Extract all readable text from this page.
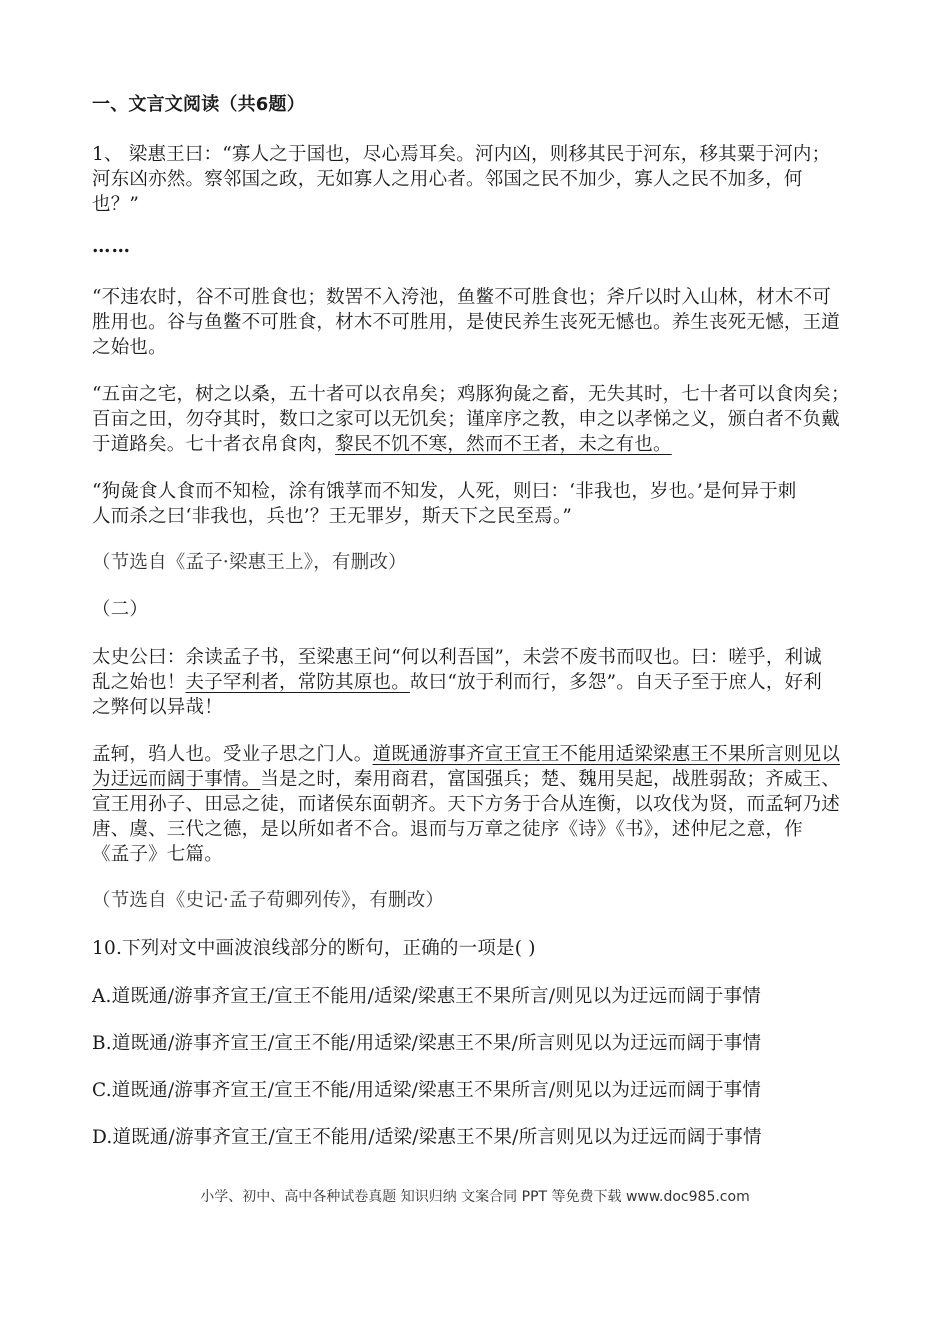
一、文言文阅读（共6题）
1、 梁惠王曰：“寡人之于国也，尽心焉耳矣。河内凶，则移其民于河东，移其粟于河内；
河东凶亦然。察邻国之政，无如寡人之用心者。邻国之民不加少，寡人之民不加多，何
也？”
……
“不违农时，谷不可胜食也；数罟不入洿池，鱼鳖不可胜食也；斧斤以时入山林，材木不可
胜用也。谷与鱼鳖不可胜食，材木不可胜用，是使民养生丧死无憾也。养生丧死无憾，王道
之始也。
“五亩之宅，树之以桑，五十者可以衣帛矣；鸡豚狗彘之畜，无失其时，七十者可以食肉矣；
百亩之田，勿夺其时，数口之家可以无饥矣；谨庠序之教，申之以孝悌之义，颁白者不负戴
于道路矣。七十者衣帛食肉，黎民不饥不寒，然而不王者，未之有也。
“狗彘食人食而不知检，涂有饿莩而不知发，人死，则曰：‘非我也，岁也。’是何异于刺
人而杀之曰‘非我也，兵也’？王无罪岁，斯天下之民至焉。”
（节选自《孟子·梁惠王上》，有删改）
（二）
太史公曰：余读孟子书，至梁惠王问“何以利吾国”，未尝不废书而叹也。曰：嗟乎，利诚
乱之始也！夫子罕利者，常防其原也。故曰“放于利而行，多怨”。自天子至于庶人，好利
之弊何以异哉！
孟轲，驺人也。受业子思之门人。道既通游事齐宣王宣王不能用适梁梁惠王不果所言则见以
为迂远而阔于事情。当是之时，秦用商君，富国强兵；楚、魏用吴起，战胜弱敌；齐威王、
宣王用孙子、田忌之徒，而诸侯东面朝齐。天下方务于合从连衡，以攻伐为贤，而孟轲乃述
唐、虞、三代之德，是以所如者不合。退而与万章之徒序《诗》《书》，述仲尼之意，作
《孟子》七篇。
（节选自《史记·孟子荀卿列传》，有删改）
10.下列对文中画波浪线部分的断句，正确的一项是( )
A.道既通/游事齐宣王/宣王不能用/适梁/梁惠王不果所言/则见以为迂远而阔于事情
B.道既通/游事齐宣王/宣王不能/用适梁/梁惠王不果/所言则见以为迂远而阔于事情
C.道既通/游事齐宣王/宣王不能/用适梁/梁惠王不果所言/则见以为迂远而阔于事情
D.道既通/游事齐宣王/宣王不能用/适梁/梁惠王不果/所言则见以为迂远而阔于事情
小学、初中、高中各种试卷真题 知识归纳 文案合同 PPT 等免费下载 www.doc985.com
